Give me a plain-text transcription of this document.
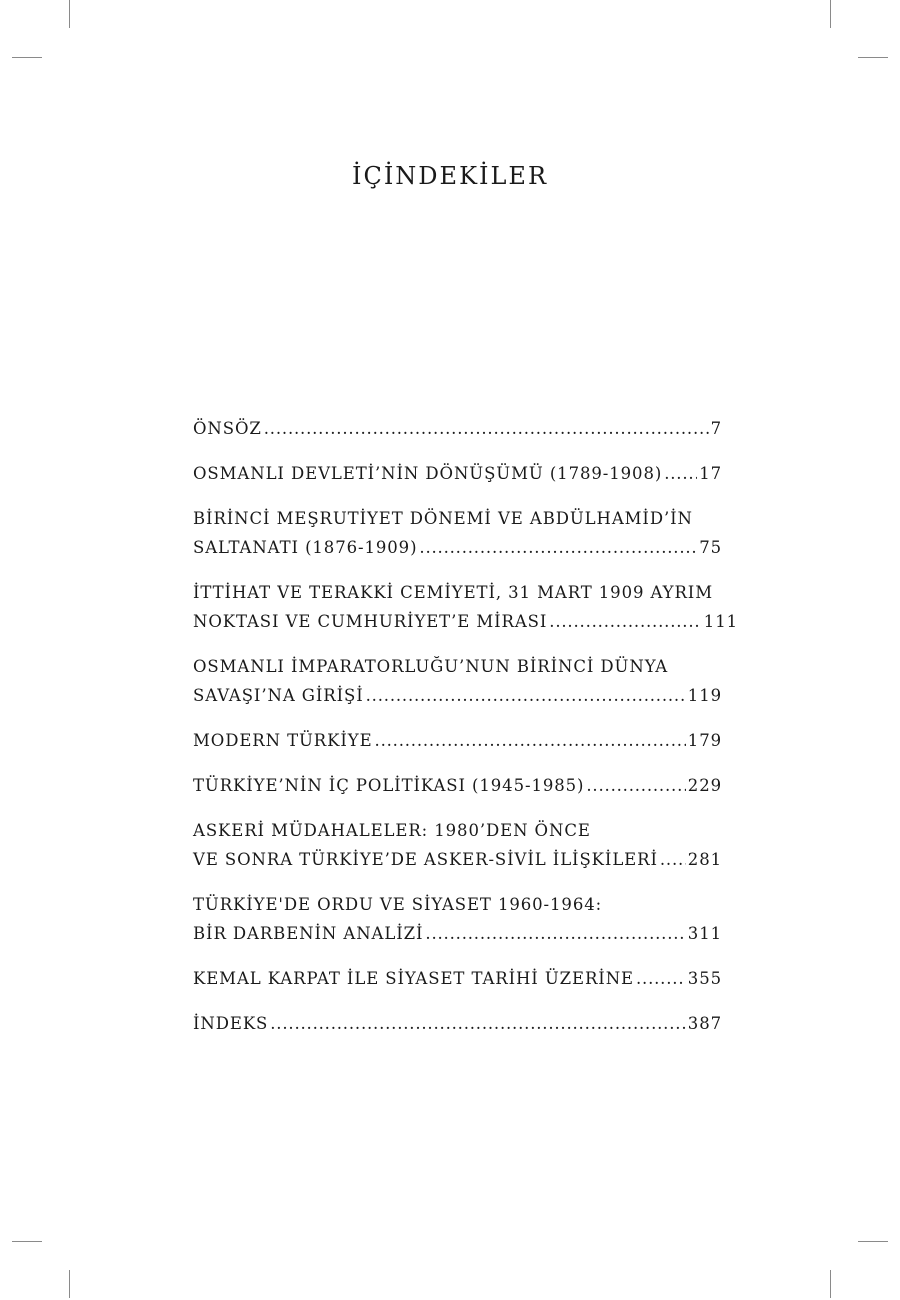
İÇİNDEKİLER
ÖNSÖZ .....	7
OSMANLI DEVLETİ’NİN DÖNÜŞÜMÜ (1789-1908) ..... 17
BİRİNCİ MEŞRUTİYET DÖNEMİ VE ABDÜLHAMİD’İN
SALTANATI (1876-1909) .....	75
İTTİHAT VE TERAKKİ CEMİYETİ, 31 MART 1909 AYRIM
NOKTASI VE CUMHURİYET’E MİRASI .....	111
OSMANLI İMPARATORLUĞU’NUN BİRİNCİ DÜNYA
SAVAŞI’NA GİRİŞİ .....	119
MODERN TÜRKİYE .....	179
TÜRKİYE’NİN İÇ POLİTİKASI (1945-1985) .....	229
ASKERİ MÜDAHALELER: 1980’DEN ÖNCE
VE SONRA TÜRKİYE’DE ASKER-SİVİL İLİŞKİLERİ ..... 281
TÜRKİYE'DE ORDU VE SİYASET 1960-1964:
BİR DARBENİN ANALİZİ .....	311
KEMAL KARPAT İLE SİYASET TARİHİ ÜZERİNE .....	355
İNDEKS .....	387
